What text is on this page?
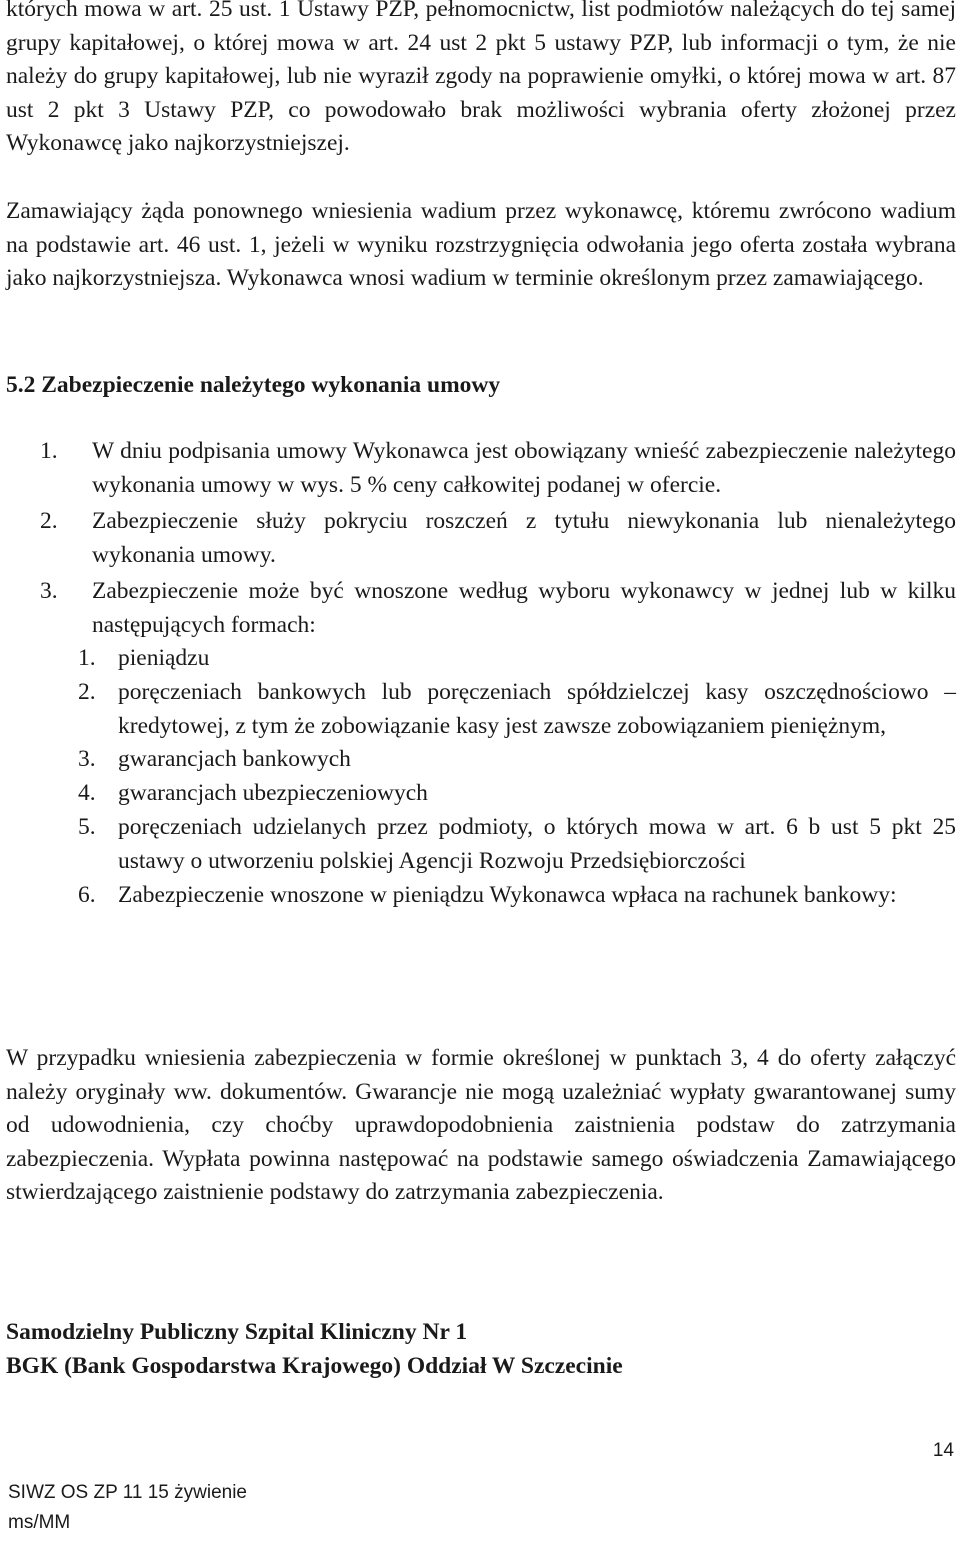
których mowa w art. 25 ust. 1 Ustawy PZP, pełnomocnictw, list podmiotów należących do tej samej grupy kapitałowej, o której mowa w art. 24 ust 2 pkt 5 ustawy PZP, lub informacji o tym, że nie należy do grupy kapitałowej, lub nie wyraził zgody na poprawienie omyłki, o której mowa w art. 87 ust 2 pkt 3 Ustawy PZP, co powodowało brak możliwości wybrania oferty złożonej przez Wykonawcę jako najkorzystniejszej.
Zamawiający żąda ponownego wniesienia wadium przez wykonawcę, któremu zwrócono wadium na podstawie art. 46 ust. 1, jeżeli w wyniku rozstrzygnięcia odwołania jego oferta została wybrana jako najkorzystniejsza. Wykonawca wnosi wadium w terminie określonym przez zamawiającego.
5.2 Zabezpieczenie należytego wykonania umowy
1. W dniu podpisania umowy Wykonawca jest obowiązany wnieść zabezpieczenie należytego wykonania umowy w wys. 5 % ceny całkowitej podanej w ofercie.
2. Zabezpieczenie służy pokryciu roszczeń z tytułu niewykonania lub nienależytego wykonania umowy.
3. Zabezpieczenie może być wnoszone według wyboru wykonawcy w jednej lub w kilku następujących formach:
1. pieniądzu
2. poręczeniach bankowych lub poręczeniach spółdzielczej kasy oszczędnościowo – kredytowej, z tym że zobowiązanie kasy jest zawsze zobowiązaniem pieniężnym,
3. gwarancjach bankowych
4. gwarancjach ubezpieczeniowych
5. poręczeniach udzielanych przez podmioty, o których mowa w art. 6 b ust 5 pkt 25 ustawy o utworzeniu polskiej Agencji Rozwoju Przedsiębiorczości
6. Zabezpieczenie wnoszone w pieniądzu Wykonawca wpłaca na rachunek bankowy:
W przypadku wniesienia zabezpieczenia w formie określonej w punktach 3, 4 do oferty załączyć należy oryginały ww. dokumentów. Gwarancje nie mogą uzależniać wypłaty gwarantowanej sumy od udowodnienia, czy choćby uprawdopodobnienia zaistnienia podstaw do zatrzymania zabezpieczenia. Wypłata powinna następować na podstawie samego oświadczenia Zamawiającego stwierdzającego zaistnienie podstawy do zatrzymania zabezpieczenia.
Samodzielny Publiczny Szpital Kliniczny Nr 1
BGK (Bank Gospodarstwa Krajowego) Oddział W Szczecinie
14
SIWZ OS ZP 11 15 żywienie
ms/MM
